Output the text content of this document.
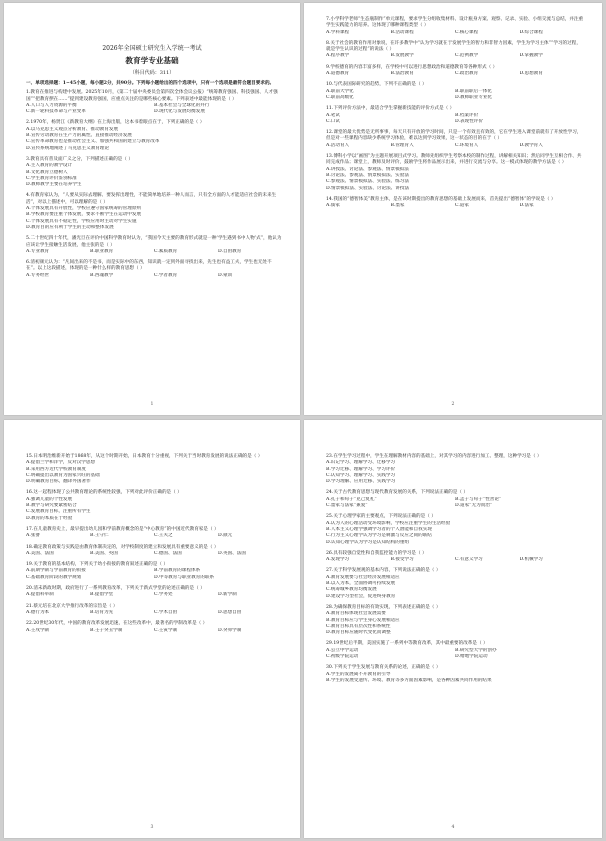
2026年全国硕士研究生入学统一考试
教育学专业基础
（科目代码：311）
一、单项选择题：1~45小题，每小题2分，共90分。下列每小题给出的四个选项中，只有一个选项是最符合题目要求的。

1.教育在推进与构建中发展。2025年10月，《第二十届中央委员会第四次全体会议公报》“统筹教育强国、科技强国、人才强国”“把教育摆在……”提到建设教育强国，应重点关注的是哪些核心要素。下列表述中最能体现的是（ ）

A.人口与人力资源的平衡	B.基本社会与全球化的并行
C.新一轮科技革命与产业变革	D.现代化与发展均衡发展

2.1970年，杨贤江《新教育大纲》在上海出版，这本书着眼点在于，下列正确的是（ ）

A.以马克思主义观点分析教育、推动教育发展
B.宣传劳动教育在生产力的属性、直接推动经济发展
C.宣传革命教育也是推动社会主义、加强共和国的建立与教育改革
D.宣传系统地阐述了马克思主义教育理论

3.教育具有普及面广义之分，下列描述正确的是（ ）

A.主人教育的教学设计
B.文化教育立德树人
C.学生教育评价鉴别标准
D.教师教学主要在培养学生

4.有教育家认为，“人要从实际去理解、要发挥出理性，不能简单地培养一种人而言，只有全方面的人才能适应社会的未来生活”，对以上描述中，可以理解的是（ ）

A.个体发展具有开放性，学校应遵守国家统筹的管理原则
B.学校教育要注重个体发展，要求不断学生在运动中发展
C.个体发展具有不稳定性，学校应用时主动对学生实施
D.教育目的应有利于学生的主动和整体发展

5.二十世纪四十年代，潘光旦在评价中国科学教育时认为，“我国今天主要的教育形式就是一种‘学生遇到书中人物’式”，他认为应该让学生接触生活发展，他主张的是（ ）

A.专业教育	B.职业教育	C.素质教育	D.自由教育

6.清初颜元认为：“凡间出来的不是书，而是实际中的东西，知识就一定到外面寻找出来，先生也有益工夫，学生也无处不在”。以上这段描述，体现的是一种什么样的教育思想（ ）

A.专务经世	B.西魂教学	C.学者教育	D.蒙训
1

7.小学科学老师“生态瓶制作”单元课程，要求学生分组收集材料、设计瓶身方案、观察、记录、实验、小组交流与总结，并注重学生实践能力的培养。这体现了哪种课程类型（ ）

A.学科课程	B.活动课程	C.核心课程	D.综合课程

8.关于社会的教育作用对象说，在许多教学中“认为学习就在于发展学生的智力和非智力因素，学生为学习主体”“学习的过程，就是学生认识的过程”的说法（ ）

A.程序教学	B.发展教学	C.范例教学	D.掌握教学

9.学校德育的内容丰富多样，在学校中可以进行思想政治和道德教育等各种形式（ ）

A.道德教育	B.法治教育	C.政治教育	D.思想教育

10.与代表国际研究的趋势，下列不正确的是（ ）

A.职前大学化	B.职前职后一体化
C.职前高级化	D.教师职业专业化

11.下列评价方法中，最适合学生掌握新技能的评价方式是（ ）

A.笔试	B.档案评价
C.口试	D.表现性评价

12.课堂的最大优势是无所事事，每天只有开放的学习时间，只是一个有效且有效的，它在学生进入课堂前就有了开放性学习，但是对一些课程内容缺少系统学习体验，难以达到学习效果，这一状态的目的在于（ ）

A.活动育人	B.管理育人	C.环境育人	D.教学育人

13.傅科小学以“画图”为主题开展项目式学习。教师先组织学生考察本校的制作过程，讲解相关知识；然后同学生互相合作、共同完成作品；课堂上，教师及时评价，鼓励学生将作品展示出来，并进行交流与分享。这一模式体现的教学方法是（ ）

A.讲授法、讨论法、参观法、情景模拟法
B.讨论法、参观法、情景模拟法、实验法
C.参观法、情景模拟法、实验法、练习法
D.情景模拟法、实验法、讨论法、讲授法

14.我国的“德智体美”教育主体，是在该时期提出的教育思想的基础上发展而来，首先提出“德智体”的学说是（ ）

A.儒家	B.墨家	C.道家	D.法家
2

15.日本明治维新开始于1868年，从这个时期开始，日本教育十分重视，下列关于当时教育发展的说法正确的是（ ）

A.提倡兰学和洋学，反对汉学思想
B.采用西方近代学校教育制度
C.明确提出以教育为国家兴旺的基础
D.明确教育目标，翻译外国著作

16.这一起程体现了公共教育理论的系统性较强，下列对此评价正确的是（ ）

A.强调儿童的个性发展
B.教学与研究要紧密结合
C.发展教育目标，注重所有学生
D.教育的本质在于经验

17.在儿童教育史上，最早提出幼儿园和学前教育概念的是“中心教育”的中国近代教育家是（ ）

A.张謇	B.王守仁	C.王夫之	D.颜元

18.确定教育政策与实践是由教育体制决定的，对学校制度的建立和发展具有重要意义的是（ ）

A.美国、法国	B.美国、英国	C.德国、法国	D.英国、法国

19.关于教育的基本结构，下列关于幼小衔接的教育叙述正确的是（ ）

A.前期学制与学前教育的衔接	B.学前教育的课程体系
C.基础教育阶段的教学规划	D.中等教育与职业教育的联系

20.清末新政时期，政府进行了一系列教育改革，下列关于新式学堂的论述正确的是（ ）

A.提倡科举制	B.提倡学堂	C.学务处	D.新学制

21.蔡元培在北京大学推行改革的宗旨是（ ）

A.德行为本	B.培育为先	C.学术自由	D.思想自由

22.20世纪30年代，中国的教育改革发展迅速，在这些改革中，最著名的学制改革是（ ）

A.壬戌学制	B.壬子癸丑学制	C.壬寅学制	D.癸卯学制
3

23.在学生学习过程中，学生在理解教材内容的基础上，对其学习的内容进行加工、整理，这种学习是（ ）

A.识记学习、理解学习、迁移学习
B.学习迁移、理解学习、学习评价
C.认知学习、理解学习、实践学习
D.学习理解、应用迁移、实践学习

24.关于古代教育思想与现代教育发展的关系，下列说法正确的是（ ）

A.孔子和荀子“克己复礼”	B.孟子与荀子“性善论”
C.墨家与法家“兼爱”	D.道家“无为而治”

25.关于心理学家的主要观点，下列说法正确的是（ ）

A.认为人的心理活动受环境影响，学校应注重学生的生活经验
B.人本主义心理学强调学习者的个人潜能和自我实现
C.行为主义心理学认为学习是刺激与反应之间的联结
D.认知心理学认为学习是认知结构的重组

26.具有较强自觉性和自我监控能力的学习是（ ）

A.发现学习	B.接受学习	C.有意义学习	D.机械学习

27.关于科学发展观的基本内容，下列说法正确的是（ ）

A.教育发展要与社会经济发展相适应
B.以人为本，全面协调可持续发展
C.统筹城乡教育均衡发展
D.建设学习型社会，促进终身教育

28.为确保教育目标的有效实现，下列表述正确的是（ ）

A.教育目标体现社会发展需要
B.教育目标应与学生身心发展相适应
C.教育目标具有层次性和系统性
D.教育目标应随时代变化而调整

29.19世纪后半期，美国实施了一系列中等教育改革，其中最重要的改革是（ ）

A.公立中学运动	B.研究型大学的创办
C.初级学院运动	D.赠地学院运动

30.下列关于学生发展与教育关系的论述，正确的是（ ）

A.学生的发展离不开教育的引导
B.学生的发展受遗传、环境、教育等多方面因素影响，是各种因素共同作用的结果
4
